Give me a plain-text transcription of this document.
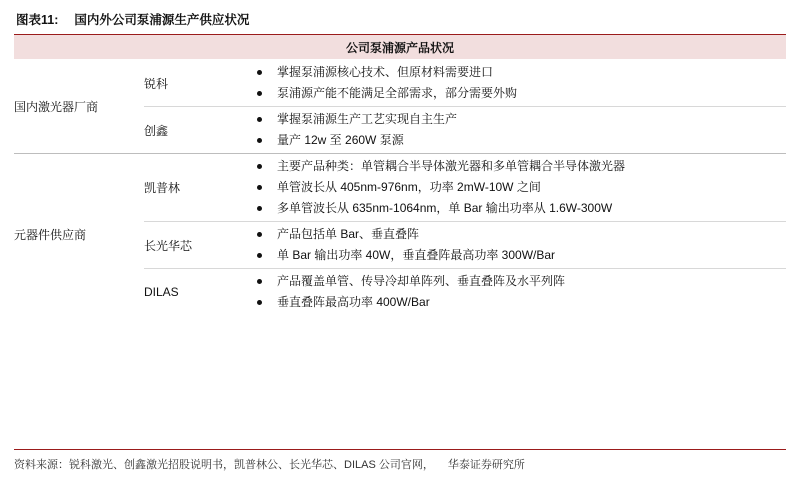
图表11: 国内外公司泵浦源生产供应状况
公司泵浦源产品状况		
国内激光器厂商	锐科	
掌握泵浦源核心技术、但原材料需要进口
泵浦源产能不能满足全部需求，部分需要外购

创鑫	
掌握泵浦源生产工艺实现自主生产
量产 12w 至 260W 泵源

元器件供应商	凯普林	
主要产品种类：单管耦合半导体激光器和多单管耦合半导体激光器
单管波长从 405nm-976nm，功率 2mW-10W 之间
多单管波长从 635nm-1064nm，单 Bar 输出功率从 1.6W-300W

长光华芯	
产品包括单 Bar、垂直叠阵
单 Bar 输出功率 40W，垂直叠阵最高功率 300W/Bar

DILAS	
产品覆盖单管、传导冷却单阵列、垂直叠阵及水平列阵
垂直叠阵最高功率 400W/Bar
资料来源：锐科激光、创鑫激光招股说明书，凯普林公、长光华芯、DILAS 公司官网， 华泰证券研究所
